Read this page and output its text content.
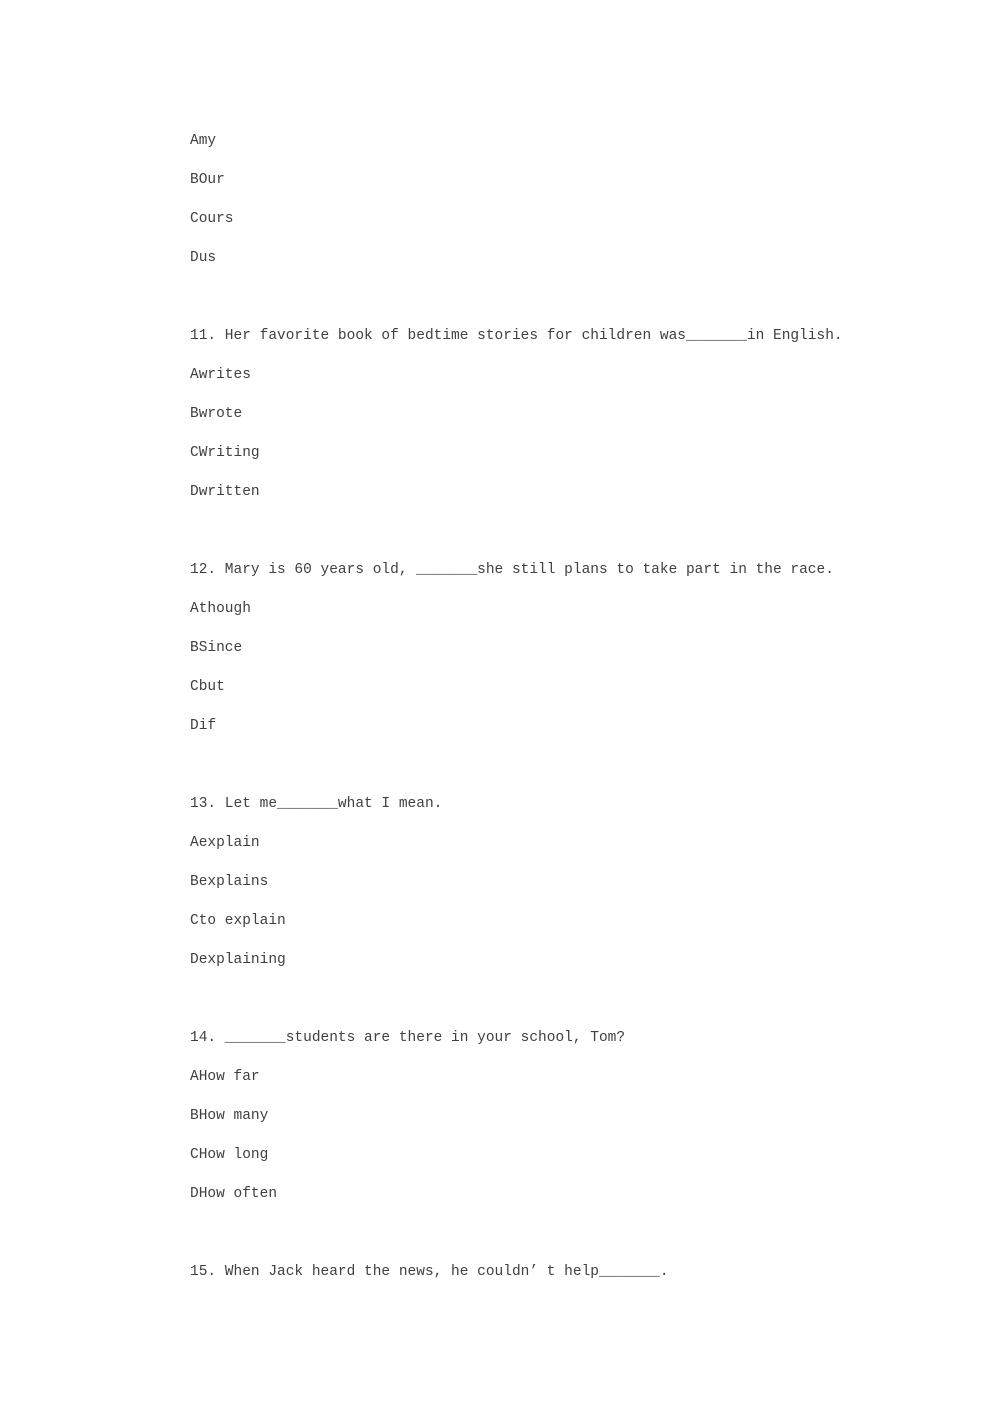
Amy
BOur
Cours
Dus
11. Her favorite book of bedtime stories for children was_______in English.
Awrites
Bwrote
CWriting
Dwritten
12. Mary is 60 years old, _______she still plans to take part in the race.
Athough
BSince
Cbut
Dif
13. Let me_______what I mean.
Aexplain
Bexplains
Cto explain
Dexplaining
14. _______students are there in your school, Tom?
AHow far
BHow many
CHow long
DHow often
15. When Jack heard the news, he couldn’ t help_______.
